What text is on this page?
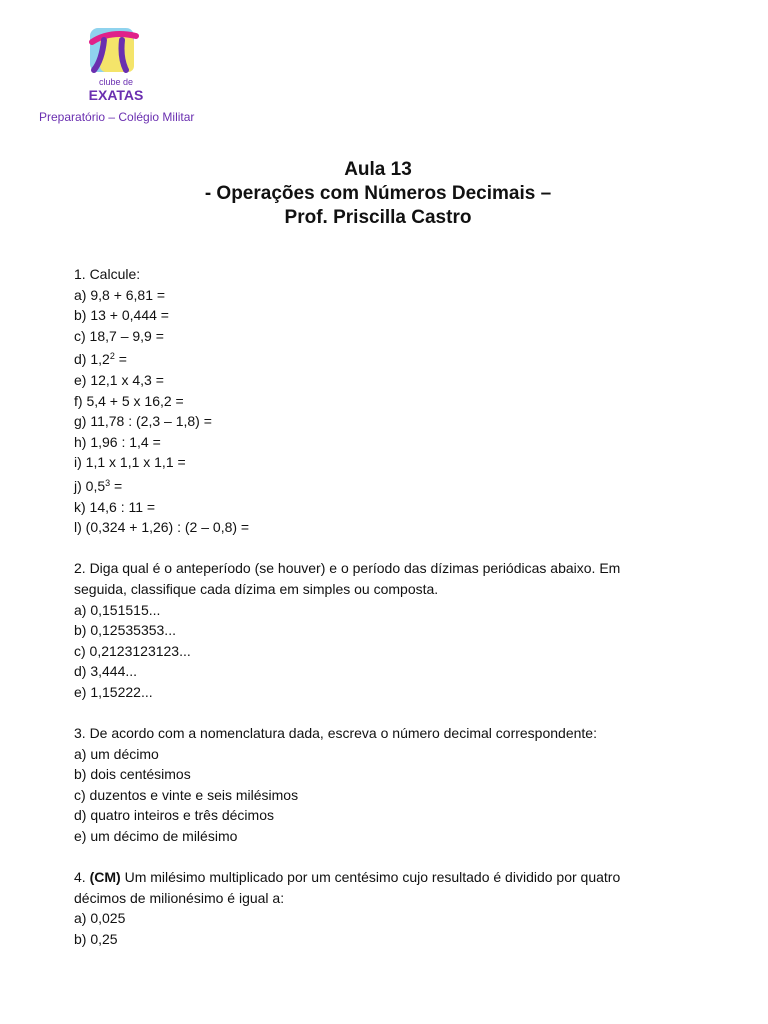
clube de
EXATAS
Preparatório – Colégio Militar
Aula 13
- Operações com Números Decimais –
Prof. Priscilla Castro
1. Calcule:
a) 9,8 + 6,81 =
b) 13 + 0,444 =
c) 18,7 – 9,9 =
d) $1,2^2$ =
e) 12,1 x 4,3 =
f) 5,4 + 5 x 16,2 =
g) 11,78 : (2,3 – 1,8) =
h) 1,96 : 1,4 =
i) 1,1 x 1,1 x 1,1 =
j) $0,5^3$ =
k) 14,6 : 11 =
l) (0,324 + 1,26) : (2 – 0,8) =
2. Diga qual é o anteperíodo (se houver) e o período das dízimas periódicas abaixo. Em
seguida, classifique cada dízima em simples ou composta.
a) 0,151515...
b) 0,12535353...
c) 0,2123123123...
d) 3,444...
e) 1,15222...
3. De acordo com a nomenclatura dada, escreva o número decimal correspondente:
a) um décimo
b) dois centésimos
c) duzentos e vinte e seis milésimos
d) quatro inteiros e três décimos
e) um décimo de milésimo
4. (CM) Um milésimo multiplicado por um centésimo cujo resultado é dividido por quatro
décimos de milionésimo é igual a:
a) 0,025
b) 0,25
